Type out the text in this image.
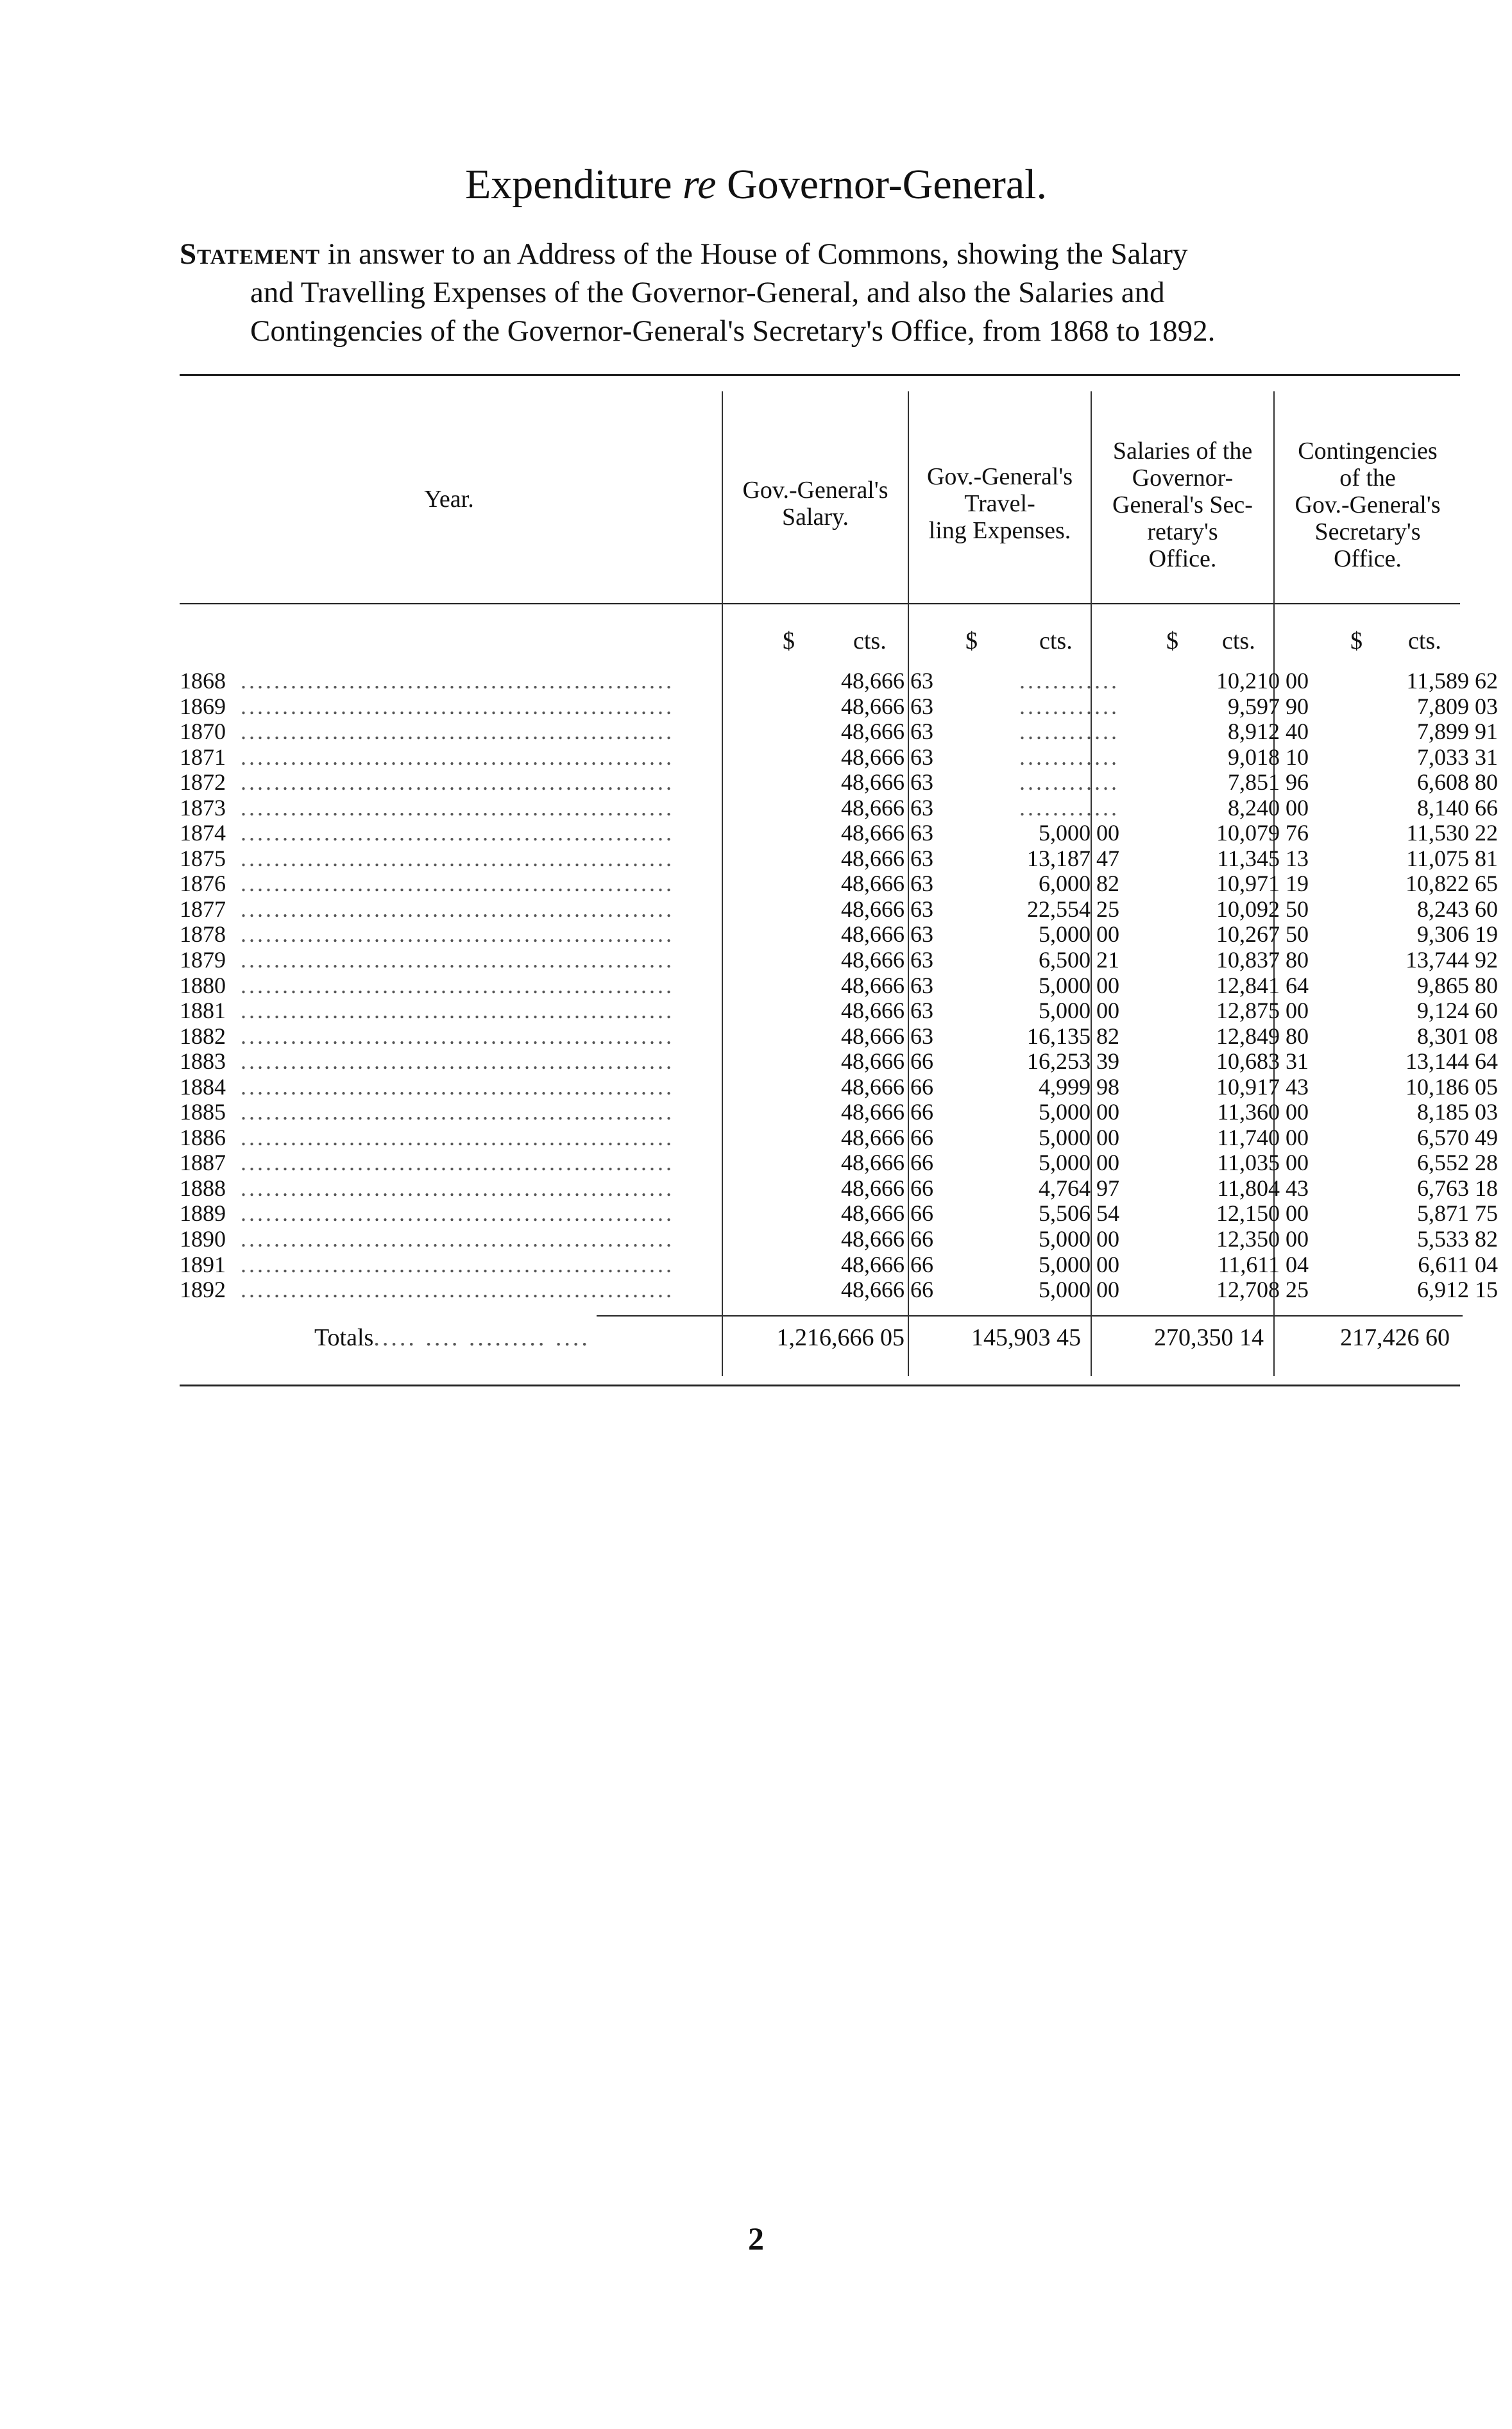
Expenditure re Governor-General.
Statement in answer to an Address of the House of Commons, showing the Salary
and Travelling Expenses of the Governor-General, and also the Salaries and
Contingencies of the Governor-General's Secretary's Office, from 1868 to 1892.
Year.	Gov.-General's
Salary.
Gov.-General's
Travel-
ling Expenses.
Salaries of the
Governor-
General's Sec-
retary's
Office.
Contingencies
of the
Gov.-General's
Secretary's
Office.
$ cts.	$	cts.	$ cts.	$ cts.
1868 ....................................................	48,666 63	............	10,210 00	11,589 62
1869 ....................................................	48,666 63	............	9,597 90	7,809 03
1870 ....................................................	48,666 63	............	8,912 40	7,899 91
1871 ....................................................	48,666 63	............	9,018 10	7,033 31
1872 ....................................................	48,666 63	............	7,851 96	6,608 80
1873 ....................................................	48,666 63	............	8,240 00	8,140 66
1874 ....................................................	48,666 63	5,000 00	10,079 76	11,530 22
1875 ....................................................	48,666 63	13,187 47	11,345 13	11,075 81
1876 ....................................................	48,666 63	6,000 82	10,971 19	10,822 65
1877 ....................................................	48,666 63	22,554 25	10,092 50	8,243 60
1878 ....................................................	48,666 63	5,000 00	10,267 50	9,306 19
1879 ....................................................	48,666 63	6,500 21	10,837 80	13,744 92
1880 ....................................................	48,666 63	5,000 00	12,841 64	9,865 80
1881 ....................................................	48,666 63	5,000 00	12,875 00	9,124 60
1882 ....................................................	48,666 63	16,135 82	12,849 80	8,301 08
1883 ....................................................	48,666 66	16,253 39	10,683 31	13,144 64
1884 ....................................................	48,666 66	4,999 98	10,917 43	10,186 05
1885 ....................................................	48,666 66	5,000 00	11,360 00	8,185 03
1886 ....................................................	48,666 66	5,000 00	11,740 00	6,570 49
1887 ....................................................	48,666 66	5,000 00	11,035 00	6,552 28
1888 ....................................................	48,666 66	4,764 97	11,804 43	6,763 18
1889 ....................................................	48,666 66	5,506 54	12,150 00	5,871 75
1890 ....................................................	48,666 66	5,000 00	12,350 00	5,533 82
1891 ....................................................	48,666 66	5,000 00	11,611 04	6,611 04
1892 ....................................................	48,666 66	5,000 00	12,708 25	6,912 15
Totals..... .... ......... ....	1,216,666 05	145,903 45	270,350 14	217,426 60
2
